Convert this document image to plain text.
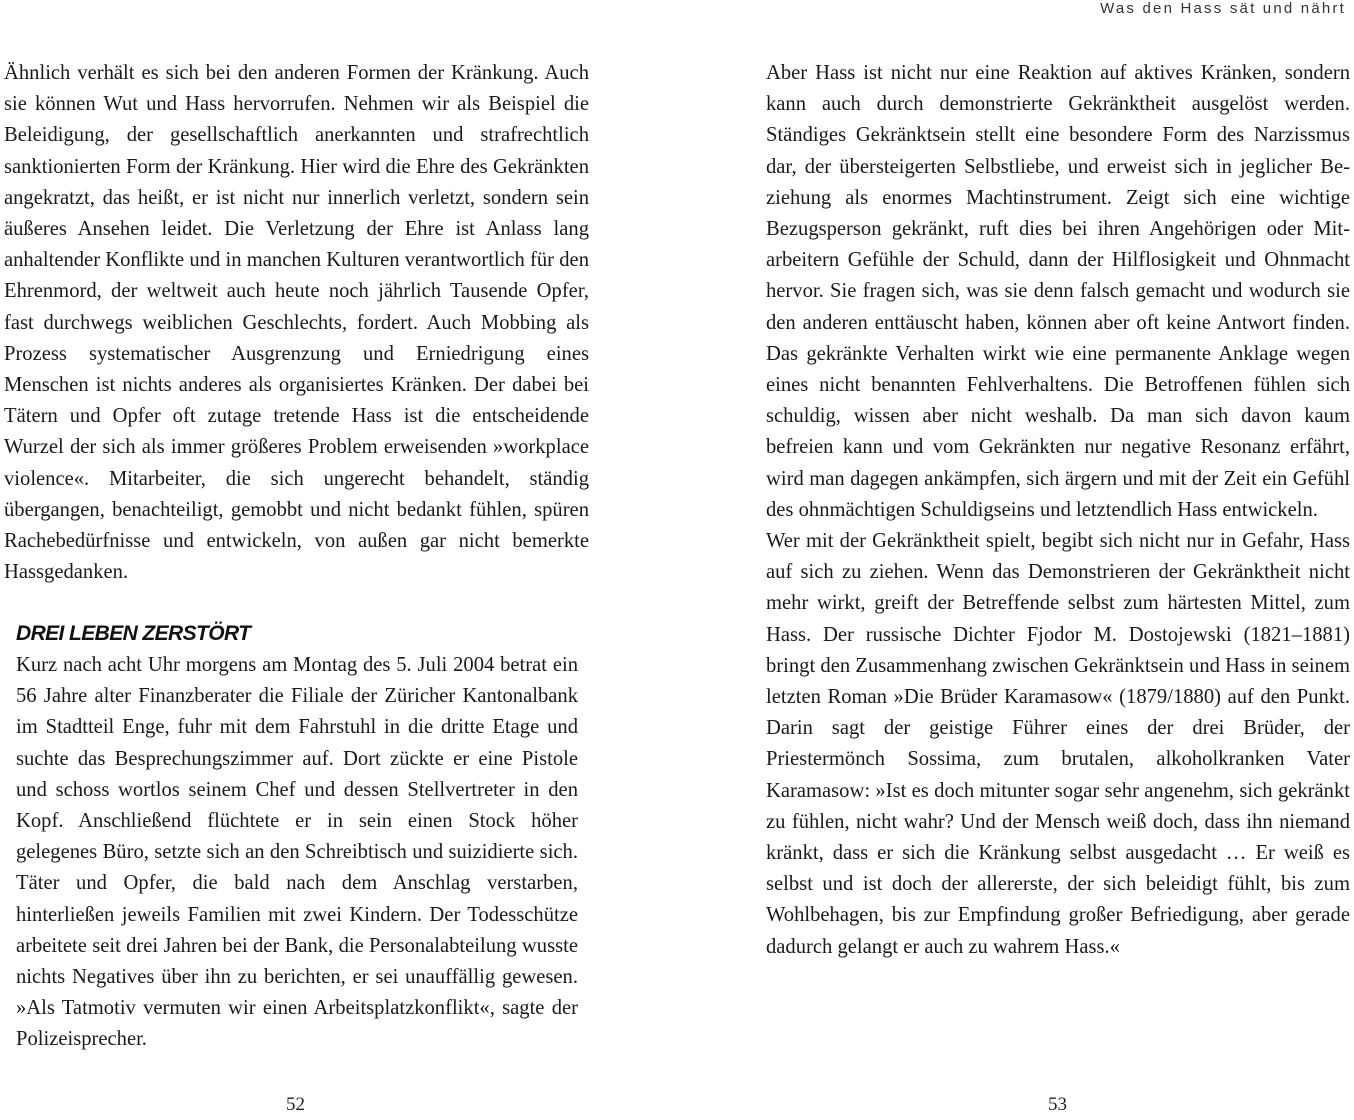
Was den Hass sät und nährt

Ähnlich verhält es sich bei den anderen Formen der Kränkung. Auch sie können Wut und Hass hervorrufen. Nehmen wir als Beispiel die Beleidigung, der gesellschaftlich anerkannten und strafrechtlich sanktionierten Form der Kränkung. Hier wird die Ehre des Gekränkten angekratzt, das heißt, er ist nicht nur innerlich verletzt, sondern sein äußeres Ansehen leidet. Die Verletzung der Ehre ist Anlass lang anhaltender Konflikte und in manchen Kulturen verantwortlich für den Ehrenmord, der weltweit auch heute noch jährlich Tausende Opfer, fast durchwegs weiblichen Geschlechts, fordert. Auch Mobbing als Prozess systematischer Ausgrenzung und Erniedrigung eines Menschen ist nichts anderes als organisiertes Kränken. Der dabei bei Tätern und Opfer oft zutage tretende Hass ist die entscheidende Wurzel der sich als immer größeres Problem erweisenden »workplace violence«. Mitarbeiter, die sich ungerecht behandelt, ständig übergangen, benachteiligt, gemobbt und nicht bedankt fühlen, spüren Rachebedürfnisse und entwickeln, von außen gar nicht bemerkte Hassgedanken.

DREI LEBEN ZERSTÖRT

Kurz nach acht Uhr morgens am Montag des 5. Juli 2004 betrat ein 56 Jahre alter Finanzberater die Filiale der Züricher Kantonalbank im Stadtteil Enge, fuhr mit dem Fahrstuhl in die dritte Etage und suchte das Besprechungszimmer auf. Dort zückte er eine Pistole und schoss wortlos seinem Chef und dessen Stellvertreter in den Kopf. Anschließend flüchtete er in sein einen Stock höher gelegenes Büro, setzte sich an den Schreibtisch und suizidierte sich. Täter und Opfer, die bald nach dem Anschlag verstarben, hinterließen jeweils Familien mit zwei Kindern. Der Todesschütze arbeitete seit drei Jahren bei der Bank, die Personalabteilung wusste nichts Negatives über ihn zu berichten, er sei unauffällig gewesen. »Als Tatmotiv vermuten wir einen Arbeitsplatzkonflikt«, sagte der Polizeisprecher.

Aber Hass ist nicht nur eine Reaktion auf aktives Kränken, sondern kann auch durch demonstrierte Gekränktheit ausgelöst werden. Ständiges Gekränktsein stellt eine besondere Form des Narzissmus dar, der übersteigerten Selbstliebe, und erweist sich in jeglicher Beziehung als enormes Machtinstrument. Zeigt sich eine wichtige Bezugsperson gekränkt, ruft dies bei ihren Angehörigen oder Mitarbeitern Gefühle der Schuld, dann der Hilflosigkeit und Ohnmacht hervor. Sie fragen sich, was sie denn falsch gemacht und wodurch sie den anderen enttäuscht haben, können aber oft keine Antwort finden. Das gekränkte Verhalten wirkt wie eine permanente Anklage wegen eines nicht benannten Fehlverhaltens. Die Betroffenen fühlen sich schuldig, wissen aber nicht weshalb. Da man sich davon kaum befreien kann und vom Gekränkten nur negative Resonanz erfährt, wird man dagegen ankämpfen, sich ärgern und mit der Zeit ein Gefühl des ohnmächtigen Schuldigseins und letztendlich Hass entwickeln.

Wer mit der Gekränktheit spielt, begibt sich nicht nur in Gefahr, Hass auf sich zu ziehen. Wenn das Demonstrieren der Gekränktheit nicht mehr wirkt, greift der Betreffende selbst zum härtesten Mittel, zum Hass. Der russische Dichter Fjodor M. Dostojewski (1821–1881) bringt den Zusammenhang zwischen Gekränktsein und Hass in seinem letzten Roman »Die Brüder Karamasow« (1879/1880) auf den Punkt. Darin sagt der geistige Führer eines der drei Brüder, der Priestermönch Sossima, zum brutalen, alkoholkranken Vater Karamasow: »Ist es doch mitunter sogar sehr angenehm, sich gekränkt zu fühlen, nicht wahr? Und der Mensch weiß doch, dass ihn niemand kränkt, dass er sich die Kränkung selbst ausgedacht … Er weiß es selbst und ist doch der allererste, der sich beleidigt fühlt, bis zum Wohlbehagen, bis zur Empfindung großer Befriedigung, aber gerade dadurch gelangt er auch zu wahrem Hass.«

52	53
